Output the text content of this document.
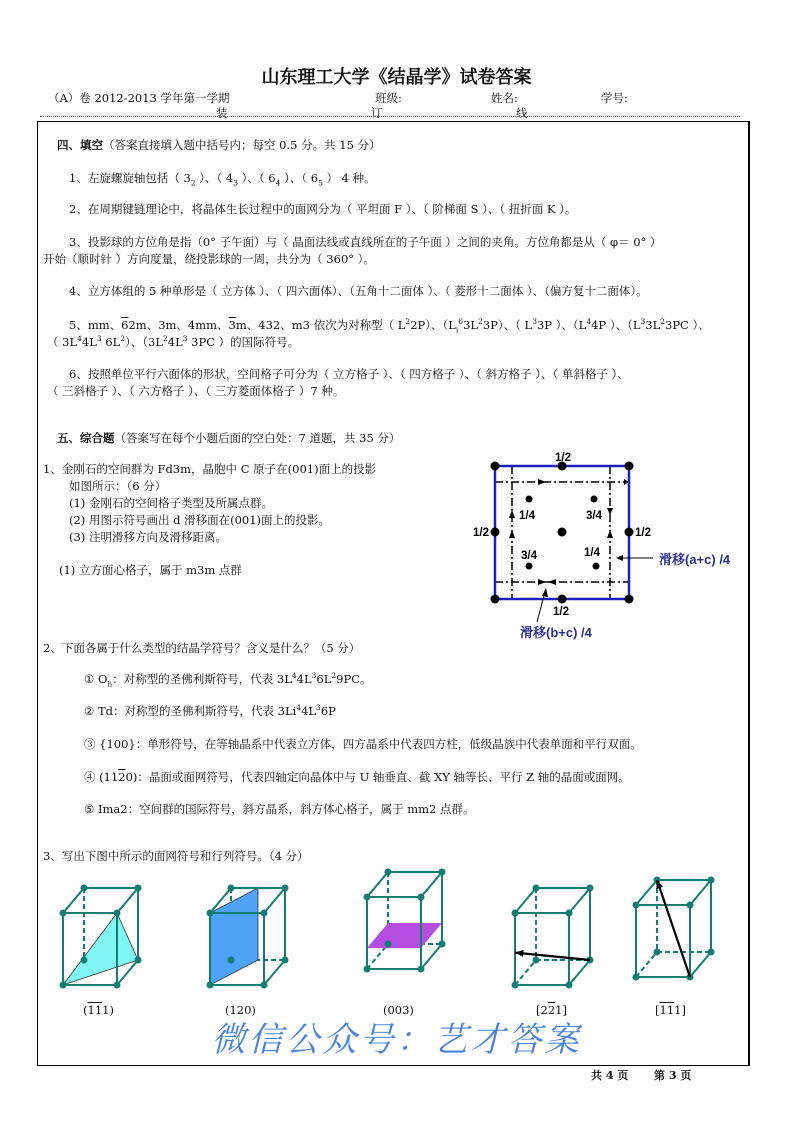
山东理工大学《结晶学》试卷答案
（A）卷 2012-2013 学年第一学期	班级:	姓名:	学号:
装	订	线
四、填空（答案直接填入题中括号内；每空 0.5 分。共 15 分）
1、左旋螺旋轴包括（ $3_2$ ）、（ $4_3$ ）、（ $6_4$ ）、（ $6_5$ ） 4 种。
2、在周期键链理论中，将晶体生长过程中的面网分为（ 平坦面 F ）、（ 阶梯面 S ）、（ 扭折面 K ）。
3、投影球的方位角是指（0° 子午面）与（ 晶面法线或直线所在的子午面 ）之间的夹角。方位角都是从（ φ＝ 0° ）
开始（顺时针 ）方向度量，绕投影球的一周，共分为（ 360° ）。
4、立方体组的 5 种单形是（ 立方体 ）、（ 四六面体）、（五角十二面体 ）、（ 菱形十二面体 ）、（偏方复十二面体）。
5、mm、62m、3m、4mm、3m、432、m3 依次为对称型（ $L^22P$）、$(L_i^63L^23P)$、（ $L^33P$ ）、（$L^44P$ ）、（$L^33L^23PC$ ）、
（ $3L^44L^3$ $6L^2$）、（$3L^24L^3$ 3PC ）的国际符号。
6、按照单位平行六面体的形状，空间格子可分为（ 立方格子 ）、（ 四方格子 ）、（ 斜方格子 ）、（ 单斜格子 ）、
（ 三斜格子 ）、（ 六方格子 ）、（ 三方菱面体格子 ）7 种。
五、综合题（答案写在每个小题后面的空白处：7 道题，共 35 分）
1、金刚石的空间群为 Fd3m，晶胞中 C 原子在(001)面上的投影
如图所示：（6 分）
(1) 金刚石的空间格子类型及所属点群。
(2) 用图示符号画出 d 滑移面在(001)面上的投影。
(3) 注明滑移方向及滑移距离。
(1) 立方面心格子，属于 m3m 点群
1/2
1/2
1/2	1/2
1/4	3/4
3/4	1/4	滑移(a+c) /4
滑移(b+c) /4
2、下面各属于什么类型的结晶学符号？含义是什么？（5 分）
① $O_h$：对称型的圣佛利斯符号，代表 $3L^44L^36L^29PC$。
② Td：对称型的圣佛利斯符号，代表 $3Li^44L^36P$
③ {100}：单形符号，在等轴晶系中代表立方体，四方晶系中代表四方柱，低级晶族中代表单面和平行双面。
④ (1120)：晶面或面网符号，代表四轴定向晶体中与 U 轴垂直、截 XY 轴等长、平行 Z 轴的晶面或面网。
⑤ Ima2：空间群的国际符号，斜方晶系，斜方体心格子，属于 mm2 点群。
3、写出下图中所示的面网符号和行列符号。（4 分）
(111)	(120)	(003)	[221]	[111]
微信公众号：艺才答案
共 4 页 第 3 页
